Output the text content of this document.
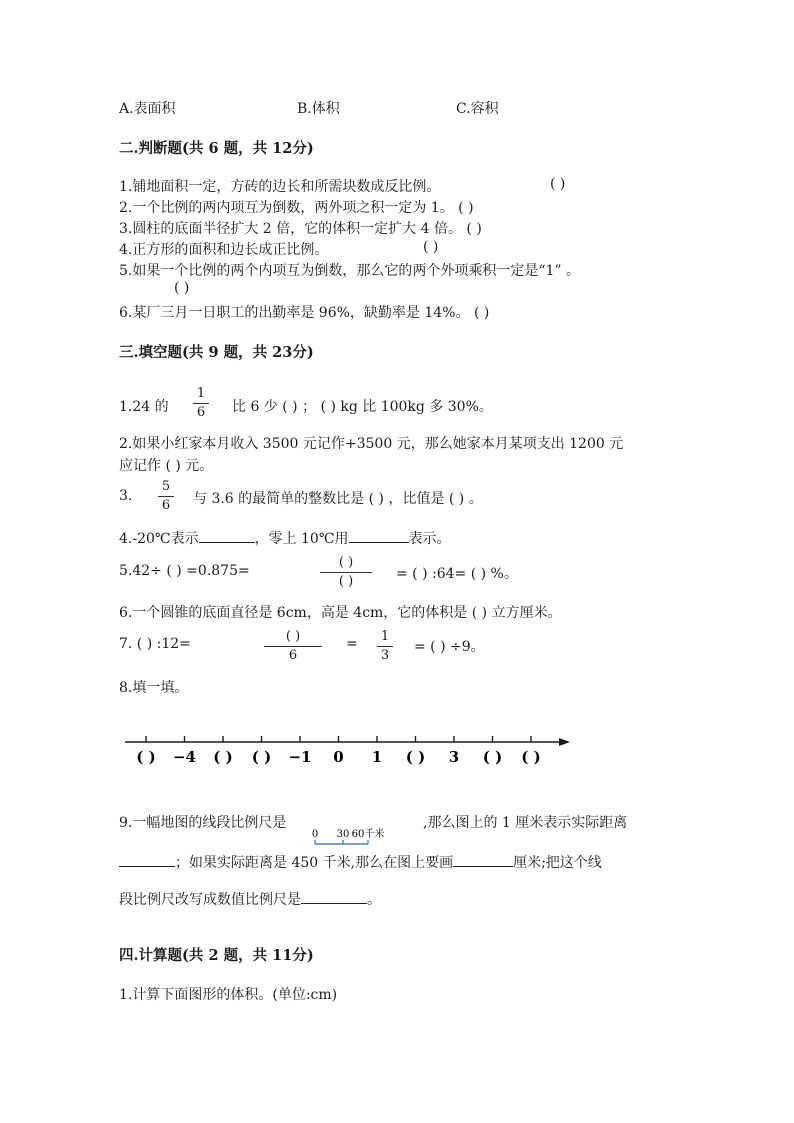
A.表面积	B.体积	C.容积
二.判断题(共 6 题，共 12分)
1.铺地面积一定，方砖的边长和所需块数成反比例。	( )
2.一个比例的两内项互为倒数，两外项之积一定为 1。 ( )
3.圆柱的底面半径扩大 2 倍，它的体积一定扩大 4 倍。 ( )
4.正方形的面积和边长成正比例。	( )
5.如果一个比例的两个内项互为倒数，那么它的两个外项乘积一定是“1” 。
( )
6.某厂三月一日职工的出勤率是 96%，缺勤率是 14%。 ( )
三.填空题(共 9 题，共 23分)
1.24 的
1
6 比 6 少 ( ) ； ( ) kg 比 100kg 多 30%。
2.如果小红家本月收入 3500 元记作+3500 元，那么她家本月某项支出 1200 元
应记作 ( ) 元。
3.
5
6 与 3.6 的最简单的整数比是 ( ) ，比值是 ( ) 。
4.-20℃表示	，零上 10℃用	表示。
5.42÷ ( ) =0.875=
( )
( )	= ( ) :64= ( ) %。
6.一个圆锥的底面直径是 6cm，高是 4cm，它的体积是 ( ) 立方厘米。
7. ( ) :12=	( )
6
= 1
3
= ( ) ÷9。
8.填一填。
( ) −4 ( ) ( ) −1 0 1 ( ) 3 ( ) ( )
9.一幅地图的线段比例尺是
0 30 60千米
,那么图上的 1 厘米表示实际距离
；如果实际距离是 450 千米,那么在图上要画	厘米;把这个线
段比例尺改写成数值比例尺是	。
四.计算题(共 2 题，共 11分)
1.计算下面图形的体积。(单位:cm)
